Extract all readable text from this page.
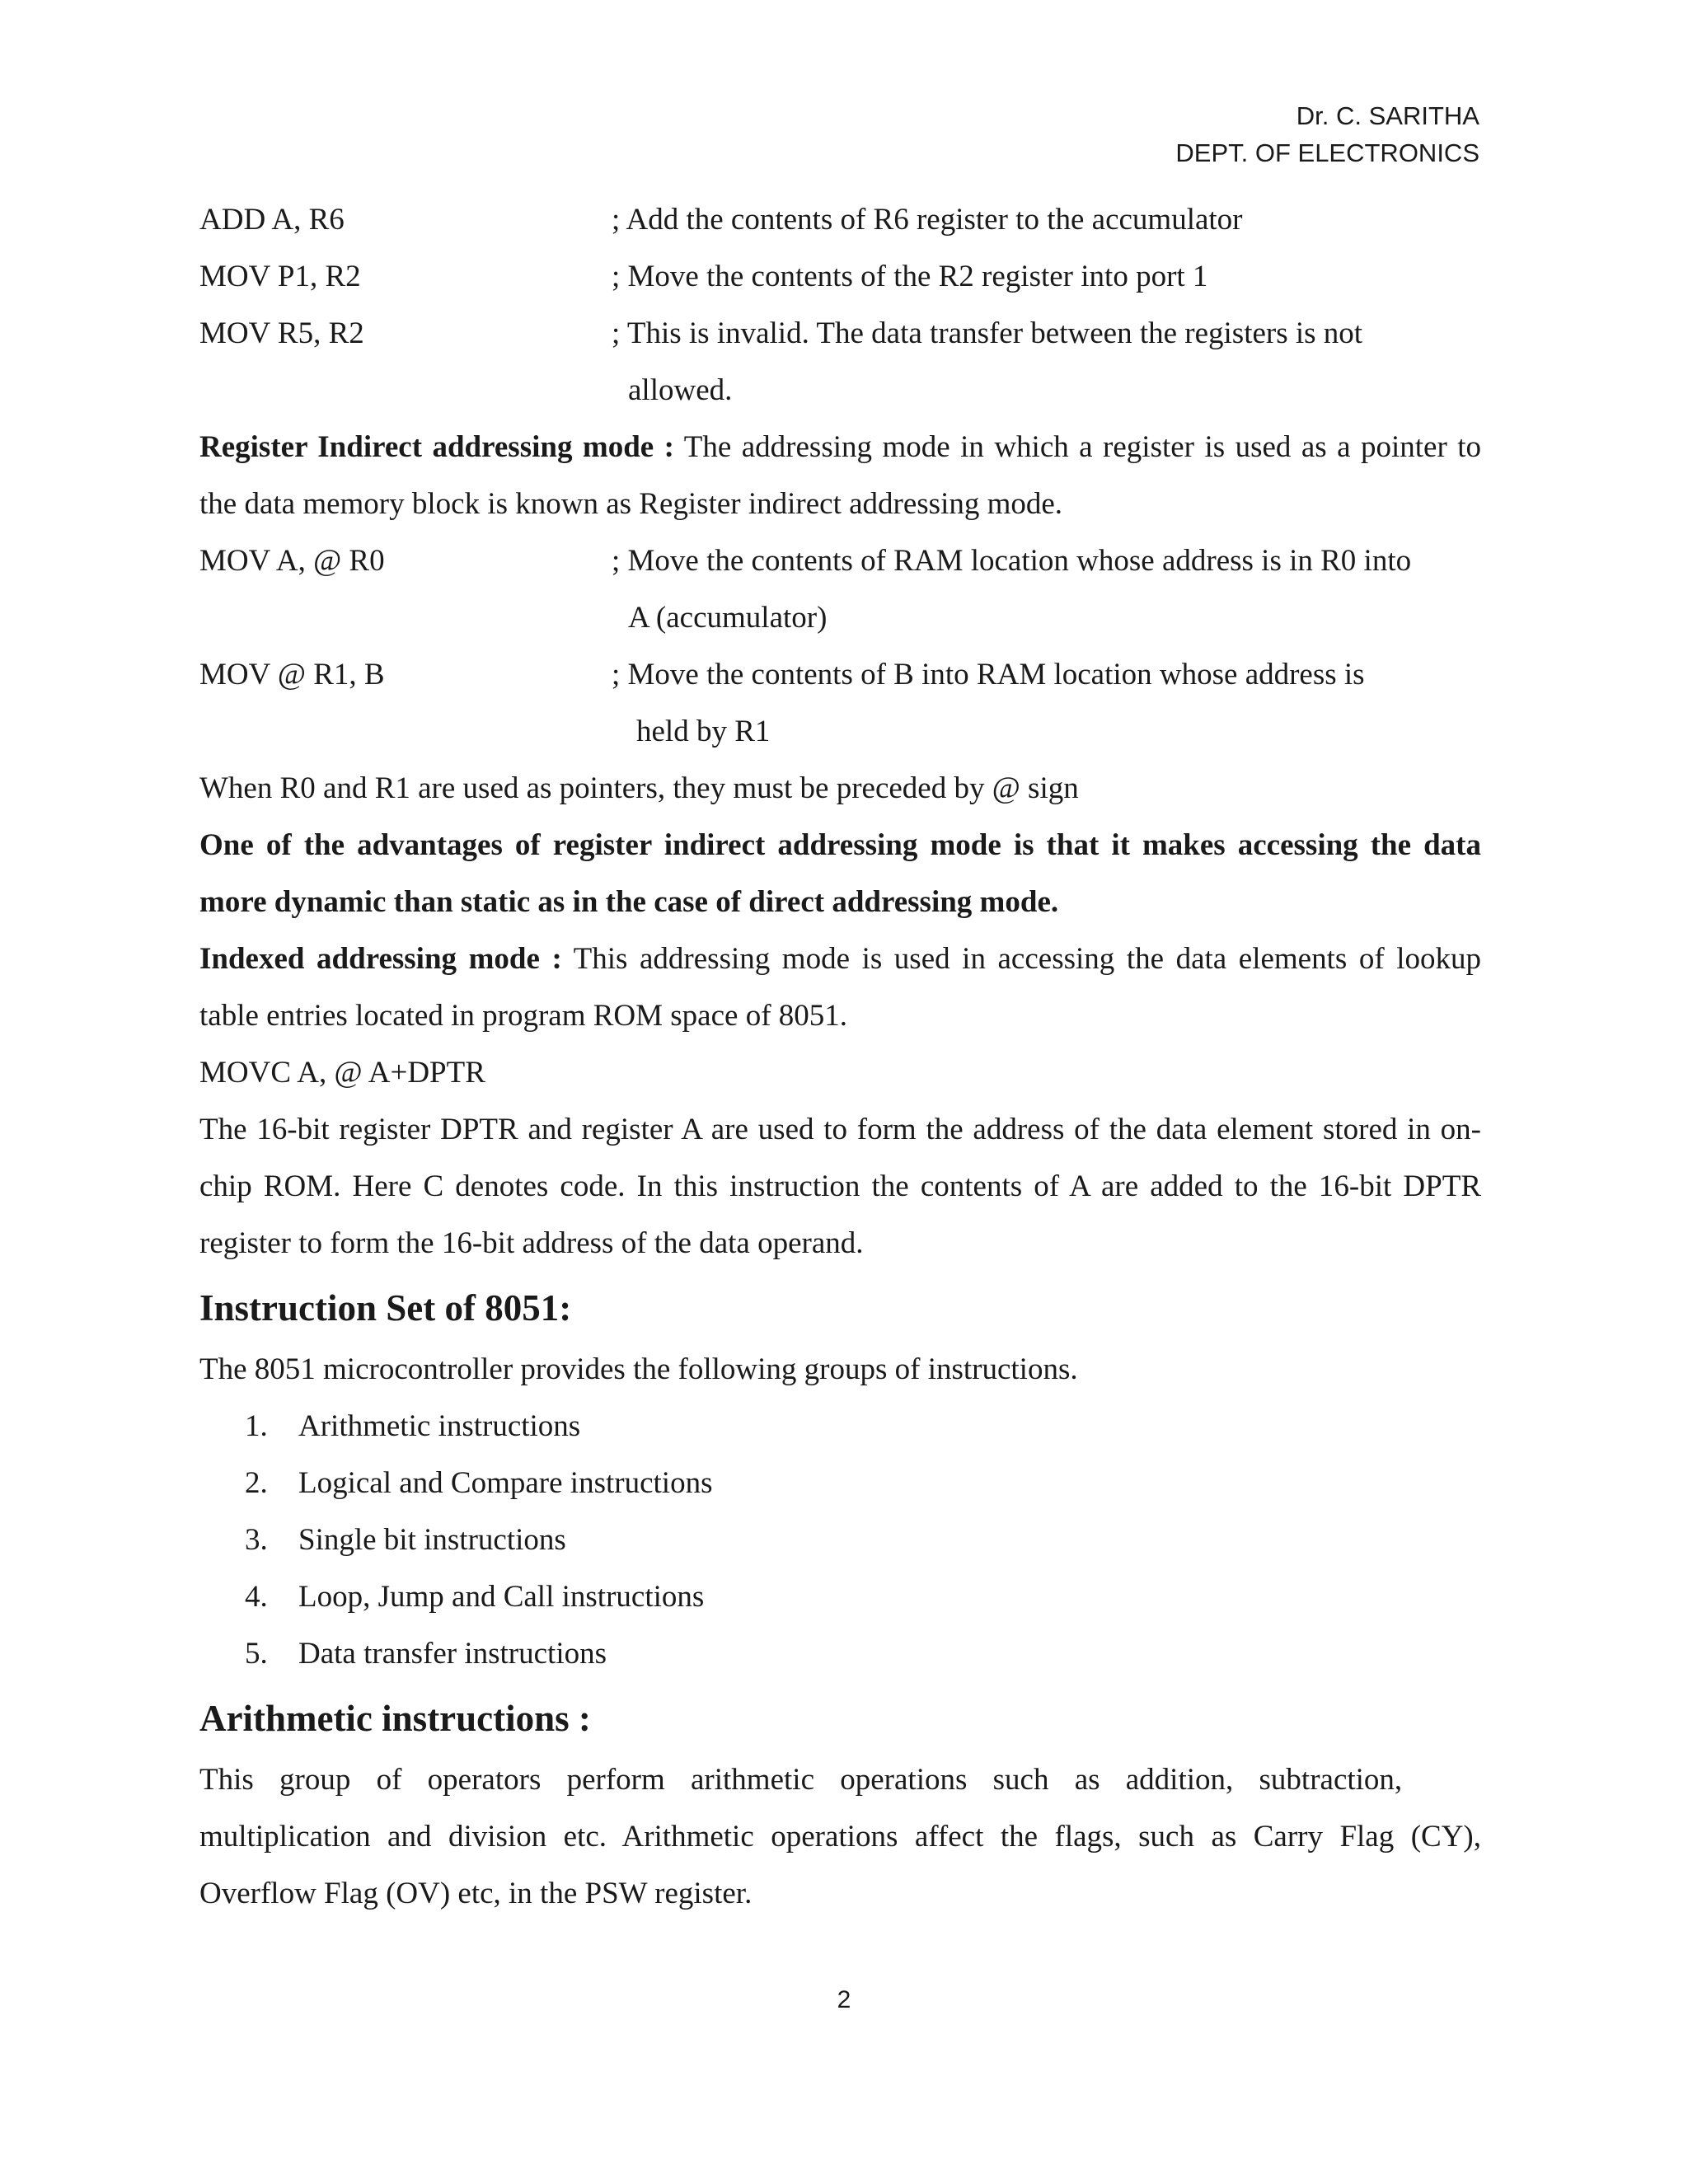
Dr. C. SARITHA
DEPT. OF ELECTRONICS
ADD A, R6	; Add the contents of R6 register to the accumulator
MOV P1, R2	; Move the contents of the R2 register into port 1
MOV R5, R2	; This is invalid. The data transfer between the registers is not
allowed.

Register Indirect addressing mode : The addressing mode in which a register is used as a pointer to the data memory block is known as Register indirect addressing mode.

MOV A, @ R0	; Move the contents of RAM location whose address is in R0 into
A (accumulator)
MOV @ R1, B	; Move the contents of B into RAM location whose address is
held by R1

When R0 and R1 are used as pointers, they must be preceded by @ sign

One of the advantages of register indirect addressing mode is that it makes accessing the data more dynamic than static as in the case of direct addressing mode.

Indexed addressing mode : This addressing mode is used in accessing the data elements of lookup table entries located in program ROM space of 8051.

MOVC A, @ A+DPTR

The 16-bit register DPTR and register A are used to form the address of the data element stored in on-chip ROM. Here C denotes code. In this instruction the contents of A are added to the 16-bit DPTR register to form the 16-bit address of the data operand.

Instruction Set of 8051:

The 8051 microcontroller provides the following groups of instructions.

1.	Arithmetic instructions
2.	Logical and Compare instructions
3.	Single bit instructions
4.	Loop, Jump and Call instructions
5.	Data transfer instructions
Arithmetic instructions :

This group of operators perform arithmetic operations such as addition, subtraction,

multiplication and division etc. Arithmetic operations affect the flags, such as Carry Flag (CY), Overflow Flag (OV) etc, in the PSW register.

2
